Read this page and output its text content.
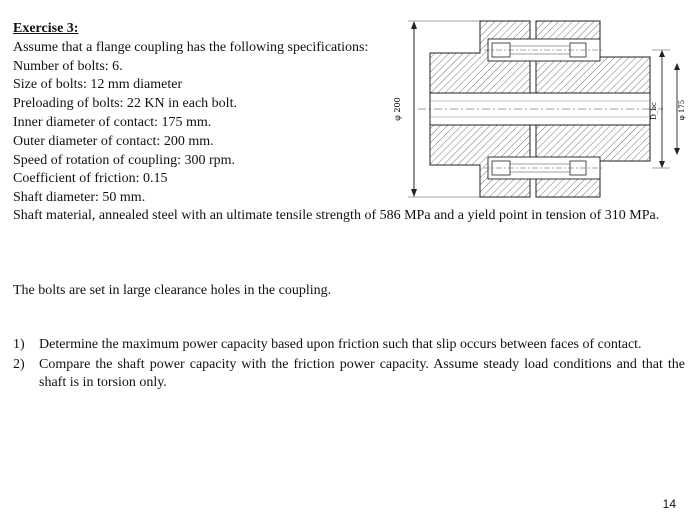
Exercise 3:
Assume that a flange coupling has the following specifications:
Number of bolts: 6.
Size of bolts: 12 mm diameter
Preloading of bolts: 22 KN in each bolt.
Inner diameter of contact: 175 mm.
Outer diameter of contact: 200 mm.
Speed of rotation of coupling: 300 rpm.
Coefficient of friction: 0.15
Shaft diameter: 50 mm.
φ 200	D_bc	φ 175
Shaft material, annealed steel with an ultimate tensile strength of 586 MPa and a yield point in tension of 310 MPa.
The bolts are set in large clearance holes in the coupling.
1)	Determine the maximum power capacity based upon friction such that slip occurs between faces of contact.
2)	Compare the shaft power capacity with the friction power capacity. Assume steady load conditions and that the shaft is in torsion only.
14
